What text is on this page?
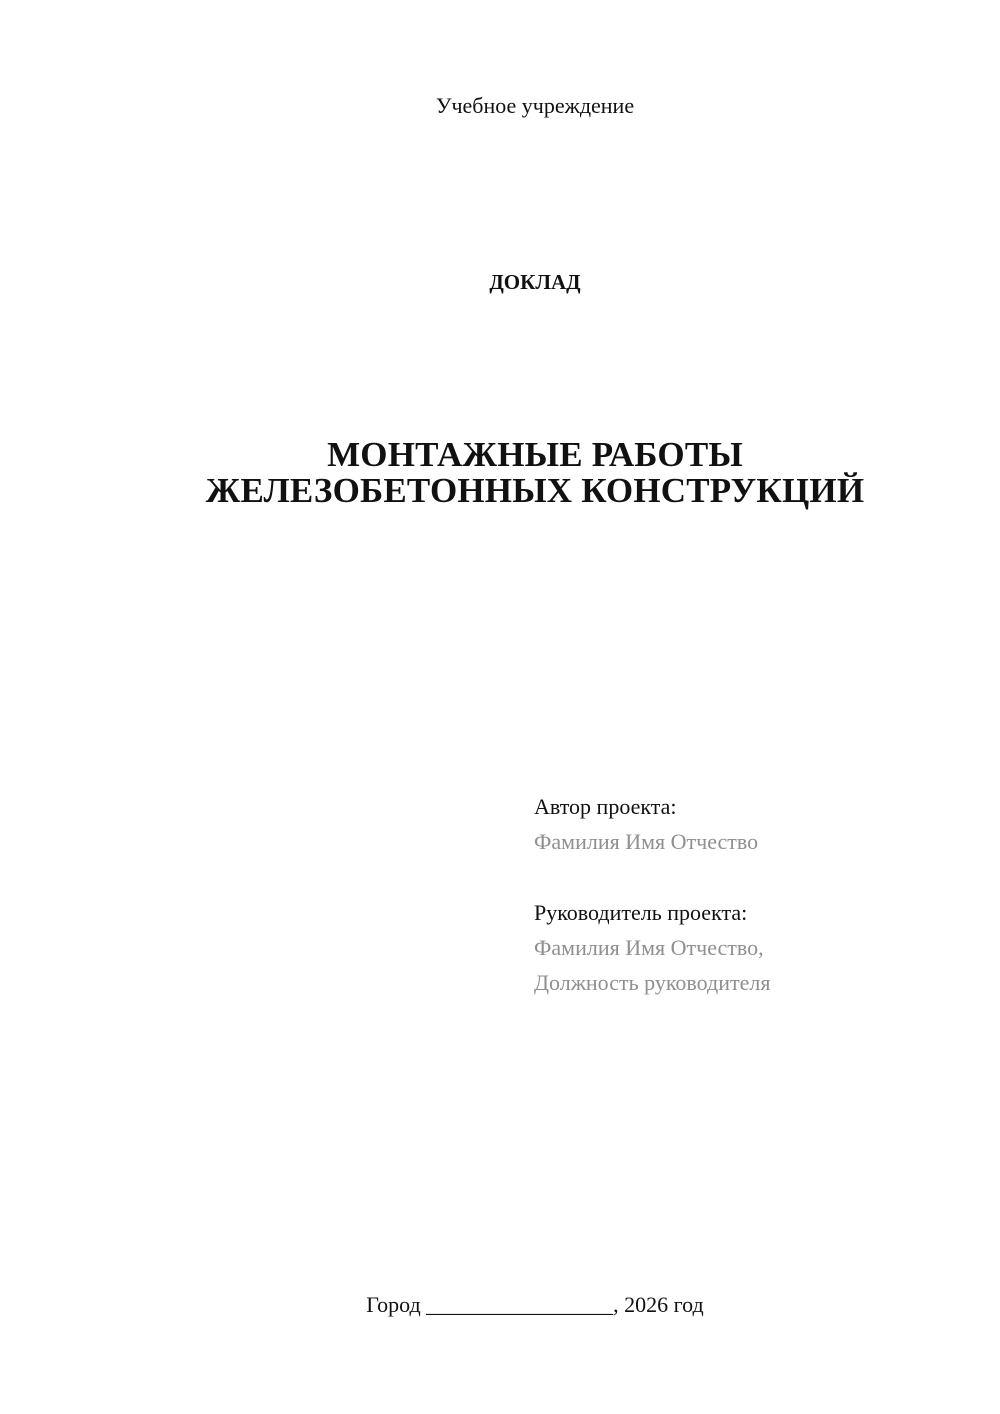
Учебное учреждение
ДОКЛАД
МОНТАЖНЫЕ РАБОТЫ
ЖЕЛЕЗОБЕТОННЫХ КОНСТРУКЦИЙ
Автор проекта:
Фамилия Имя Отчество
Руководитель проекта:
Фамилия Имя Отчество,
Должность руководителя
Город _________________, 2026 год
